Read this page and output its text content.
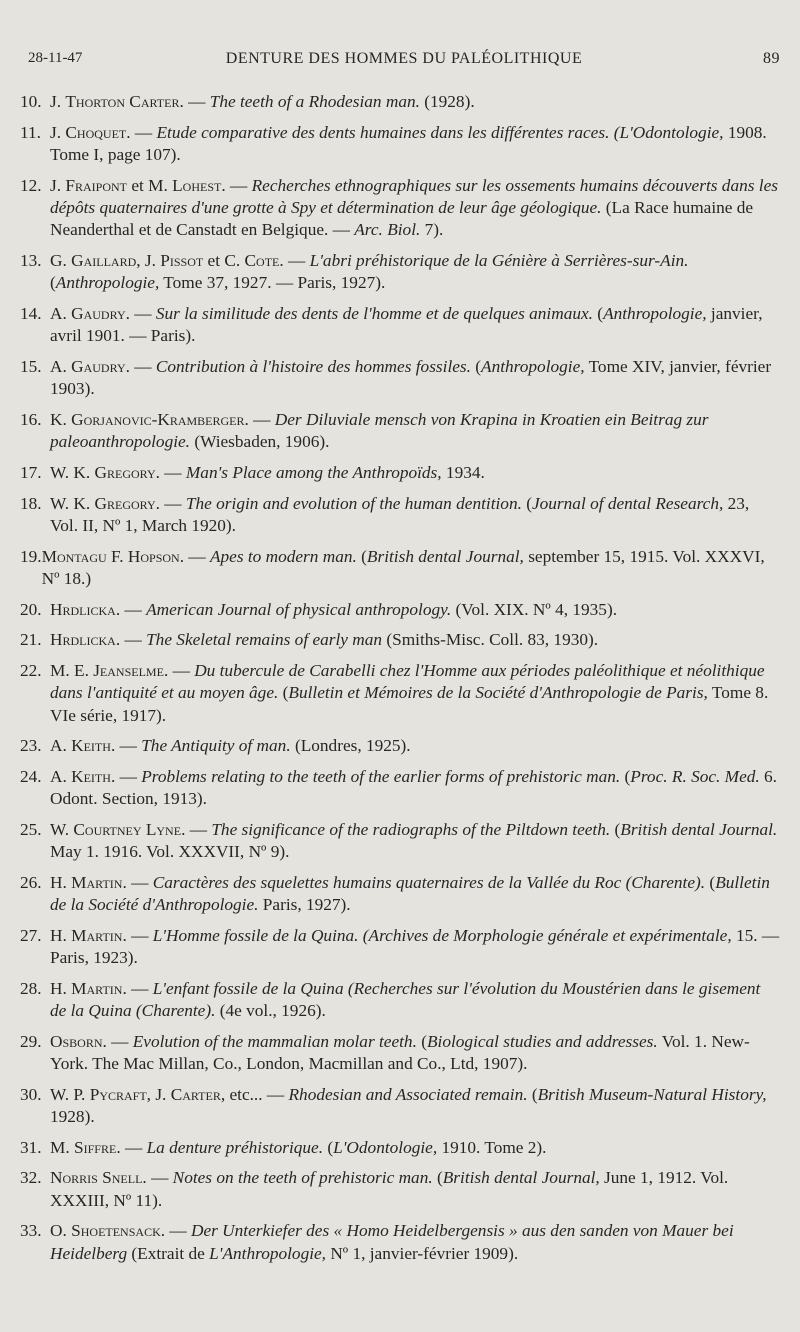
28-11-47	DENTURE DES HOMMES DU PALÉOLITHIQUE	89
10. J. Thorton Carter. — The teeth of a Rhodesian man. (1928).
11. J. Choquet. — Etude comparative des dents humaines dans les différentes races. (L'Odontologie, 1908. Tome I, page 107).
12. J. Fraipont et M. Lohest. — Recherches ethnographiques sur les ossements humains découverts dans les dépôts quaternaires d'une grotte à Spy et détermination de leur âge géologique. (La Race humaine de Neanderthal et de Canstadt en Belgique. — Arc. Biol. 7).
13. G. Gaillard, J. Pissot et C. Cote. — L'abri préhistorique de la Génière à Serrières-sur-Ain. (Anthropologie, Tome 37, 1927. — Paris, 1927).
14. A. Gaudry. — Sur la similitude des dents de l'homme et de quelques animaux. (Anthropologie, janvier, avril 1901. — Paris).
15. A. Gaudry. — Contribution à l'histoire des hommes fossiles. (Anthropologie, Tome XIV, janvier, février 1903).
16. K. Gorjanovic-Kramberger. — Der Diluviale mensch von Krapina in Kroatien ein Beitrag zur paleoanthropologie. (Wiesbaden, 1906).
17. W. K. Gregory. — Man's Place among the Anthropoïds, 1934.
18. W. K. Gregory. — The origin and evolution of the human dentition. (Journal of dental Research, 23, Vol. II, Nº 1, March 1920).
19. Montagu F. Hopson. — Apes to modern man. (British dental Journal, september 15, 1915. Vol. XXXVI, Nº 18.)
20. Hrdlicka. — American Journal of physical anthropology. (Vol. XIX. Nº 4, 1935).
21. Hrdlicka. — The Skeletal remains of early man (Smiths-Misc. Coll. 83, 1930).
22. M. E. Jeanselme. — Du tubercule de Carabelli chez l'Homme aux périodes paléolithique et néolithique dans l'antiquité et au moyen âge. (Bulletin et Mémoires de la Société d'Anthropologie de Paris, Tome 8. VIe série, 1917).
23. A. Keith. — The Antiquity of man. (Londres, 1925).
24. A. Keith. — Problems relating to the teeth of the earlier forms of prehistoric man. (Proc. R. Soc. Med. 6. Odont. Section, 1913).
25. W. Courtney Lyne. — The significance of the radiographs of the Piltdown teeth. (British dental Journal. May 1. 1916. Vol. XXXVII, Nº 9).
26. H. Martin. — Caractères des squelettes humains quaternaires de la Vallée du Roc (Charente). (Bulletin de la Société d'Anthropologie. Paris, 1927).
27. H. Martin. — L'Homme fossile de la Quina. (Archives de Morphologie générale et expérimentale, 15. — Paris, 1923).
28. H. Martin. — L'enfant fossile de la Quina (Recherches sur l'évolution du Moustérien dans le gisement de la Quina (Charente). (4e vol., 1926).
29. Osborn. — Evolution of the mammalian molar teeth. (Biological studies and addresses. Vol. 1. New-York. The Mac Millan, Co., London, Macmillan and Co., Ltd, 1907).
30. W. P. Pycraft, J. Carter, etc... — Rhodesian and Associated remain. (British Museum-Natural History, 1928).
31. M. Siffre. — La denture préhistorique. (L'Odontologie, 1910. Tome 2).
32. Norris Snell. — Notes on the teeth of prehistoric man. (British dental Journal, June 1, 1912. Vol. XXXIII, Nº 11).
33. O. Shoetensack. — Der Unterkiefer des « Homo Heidelbergensis » aus den sanden von Mauer bei Heidelberg (Extrait de L'Anthropologie, Nº 1, janvier-février 1909).
